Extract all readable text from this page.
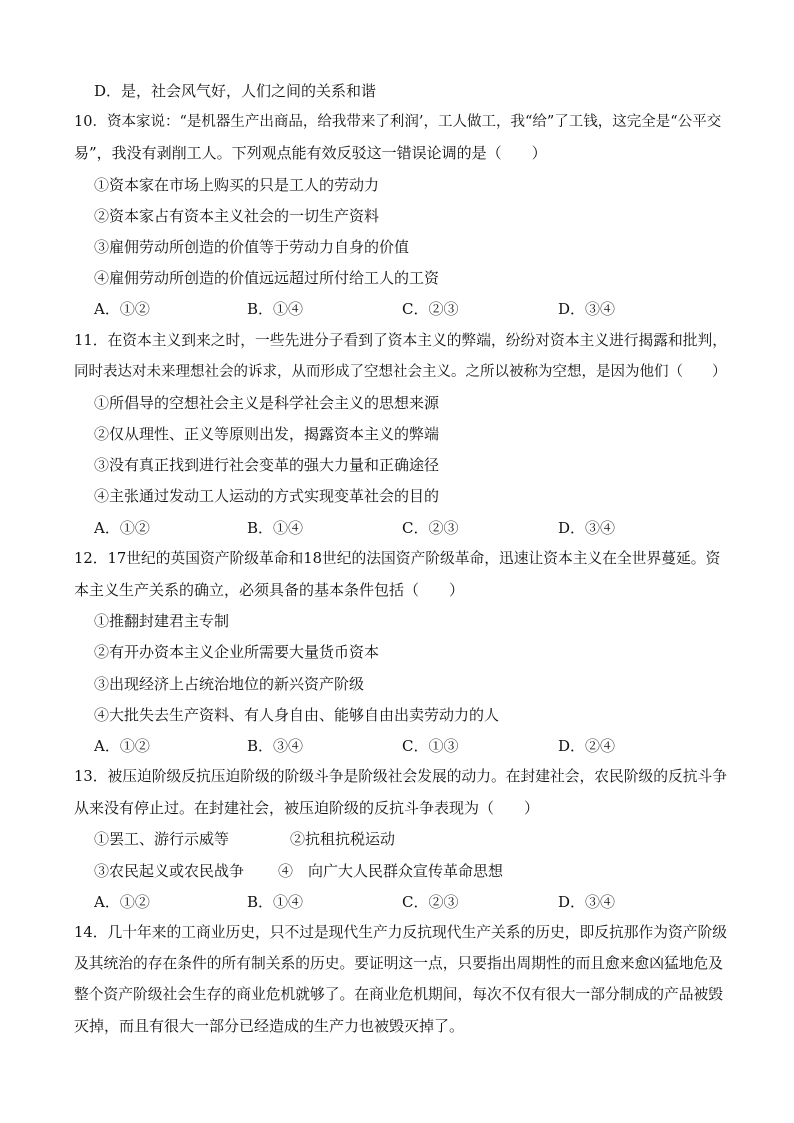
D．是，社会风气好，人们之间的关系和谐
10．资本家说：“是机器生产出商品，给我带来了利润’，工人做工，我“给”了工钱，这完全是“公平交
易”，我没有剥削工人。下列观点能有效反驳这一错误论调的是（　　）
①资本家在市场上购买的只是工人的劳动力
②资本家占有资本主义社会的一切生产资料
③雇佣劳动所创造的价值等于劳动力自身的价值
④雇佣劳动所创造的价值远远超过所付给工人的工资
A．①②	B．①④	C．②③	D．③④
11．在资本主义到来之时，一些先进分子看到了资本主义的弊端，纷纷对资本主义进行揭露和批判，
同时表达对未来理想社会的诉求，从而形成了空想社会主义。之所以被称为空想，是因为他们（　　）
①所倡导的空想社会主义是科学社会主义的思想来源
②仅从理性、正义等原则出发，揭露资本主义的弊端
③没有真正找到进行社会变革的强大力量和正确途径
④主张通过发动工人运动的方式实现变革社会的目的
A．①②	B．①④	C．②③	D．③④
12．17世纪的英国资产阶级革命和18世纪的法国资产阶级革命，迅速让资本主义在全世界蔓延。资
本主义生产关系的确立，必须具备的基本条件包括（　　）
①推翻封建君主专制
②有开办资本主义企业所需要大量货币资本
③出现经济上占统治地位的新兴资产阶级
④大批失去生产资料、有人身自由、能够自由出卖劳动力的人
A．①②	B．③④	C．①③	D．②④
13．被压迫阶级反抗压迫阶级的阶级斗争是阶级社会发展的动力。在封建社会，农民阶级的反抗斗争
从来没有停止过。在封建社会，被压迫阶级的反抗斗争表现为（　　）
①罢工、游行示威等	②抗租抗税运动
③农民起义或农民战争 ④　向广大人民群众宣传革命思想
A．①②	B．①④	C．②③	D．③④
14．几十年来的工商业历史，只不过是现代生产力反抗现代生产关系的历史，即反抗那作为资产阶级
及其统治的存在条件的所有制关系的历史。要证明这一点，只要指出周期性的而且愈来愈凶猛地危及
整个资产阶级社会生存的商业危机就够了。在商业危机期间，每次不仅有很大一部分制成的产品被毁
灭掉，而且有很大一部分已经造成的生产力也被毁灭掉了。
